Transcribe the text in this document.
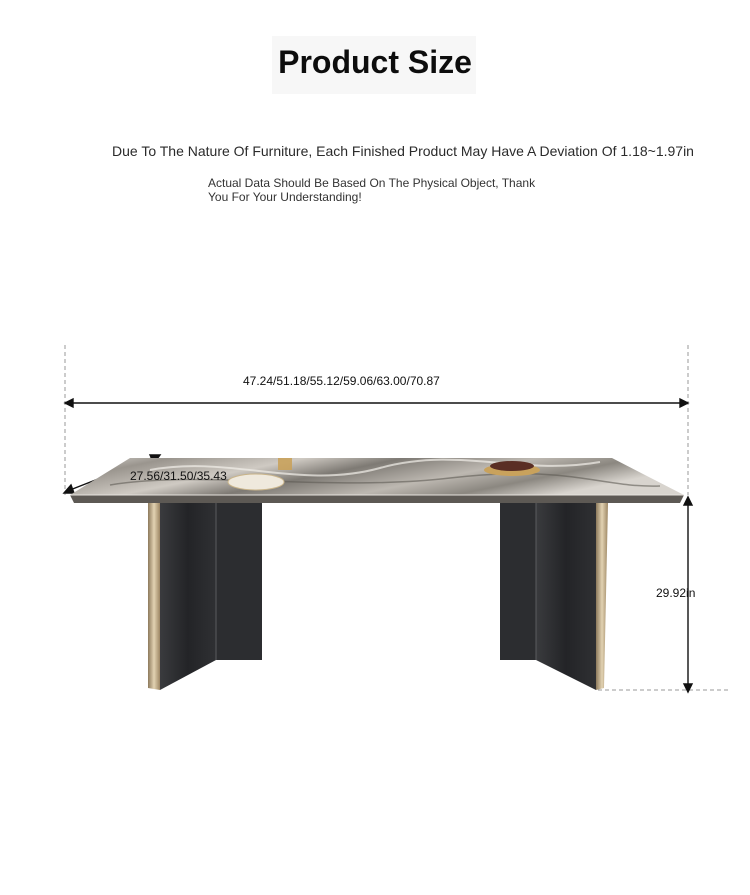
Product Size
Due To The Nature Of Furniture, Each Finished Product May Have A Deviation Of 1.18~1.97in
Actual Data Should Be Based On The Physical Object, Thank You For Your Understanding!
47.24/51.18/55.12/59.06/63.00/70.87
27.56/31.50/35.43
29.92in
